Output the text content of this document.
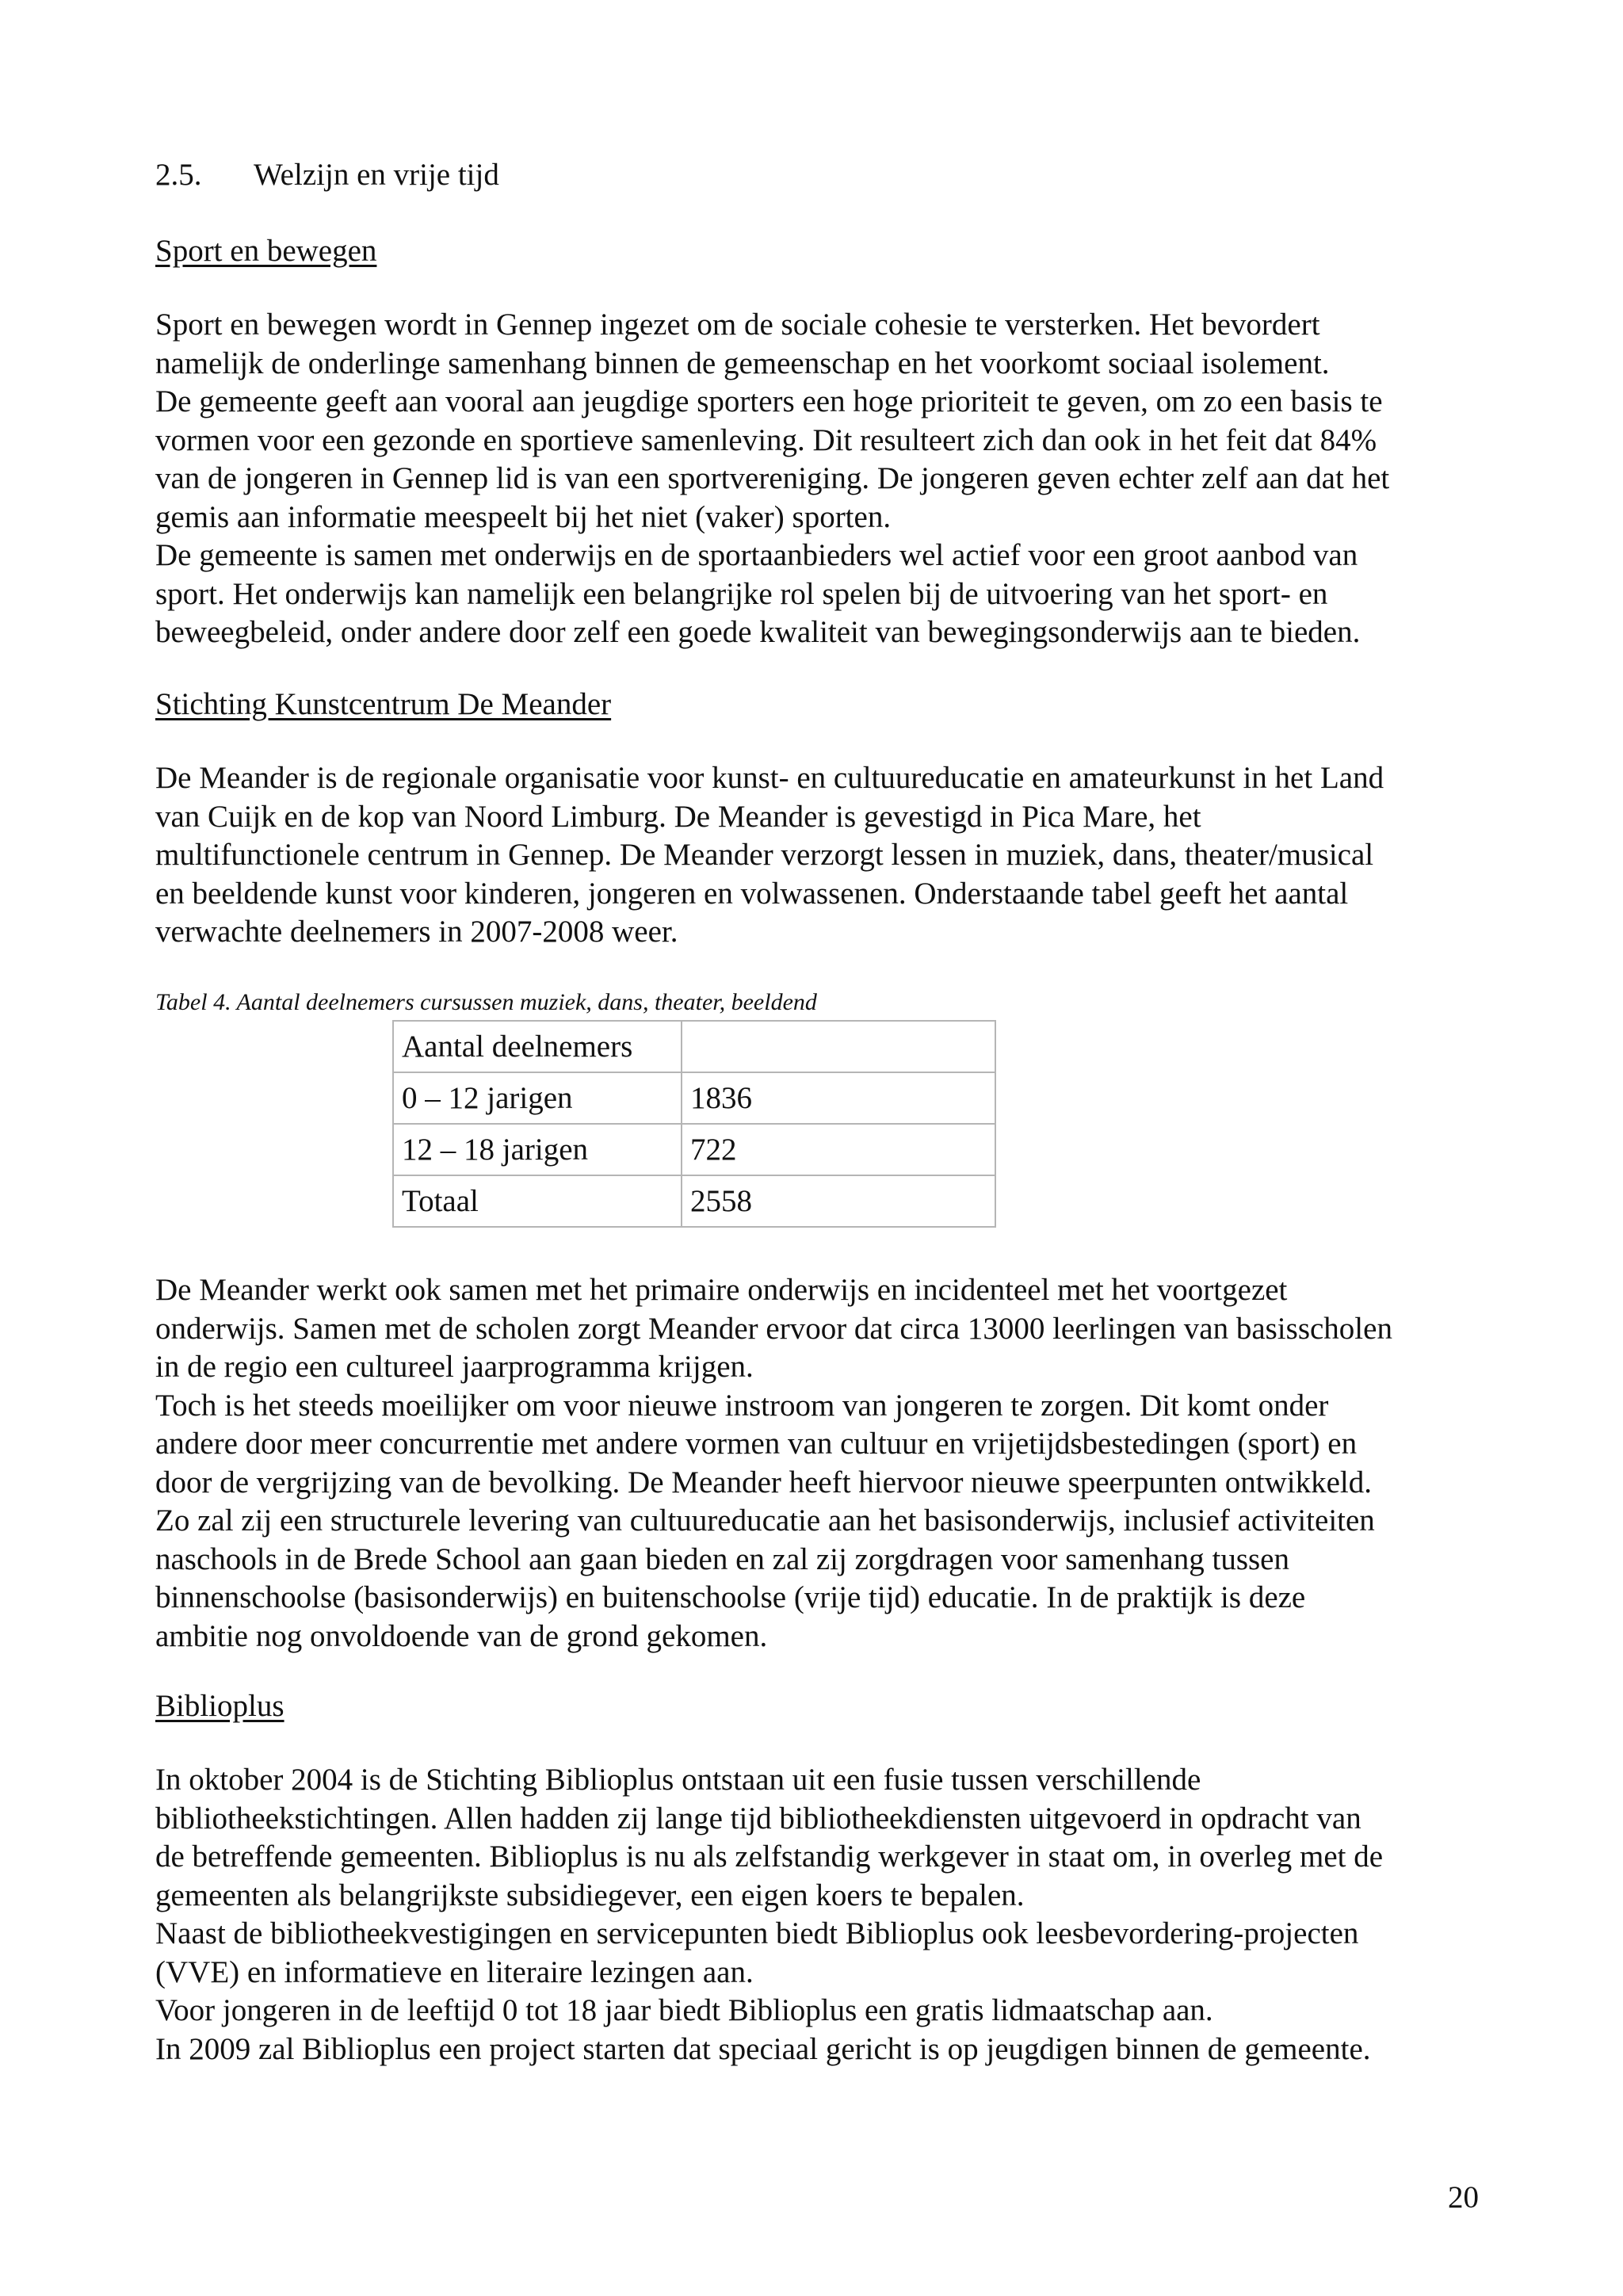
2.5. Welzijn en vrije tijd
Sport en bewegen
Sport en bewegen wordt in Gennep ingezet om de sociale cohesie te versterken. Het bevordert
namelijk de onderlinge samenhang binnen de gemeenschap en het voorkomt sociaal isolement.
De gemeente geeft aan vooral aan jeugdige sporters een hoge prioriteit te geven, om zo een basis te
vormen voor een gezonde en sportieve samenleving. Dit resulteert zich dan ook in het feit dat 84%
van de jongeren in Gennep lid is van een sportvereniging. De jongeren geven echter zelf aan dat het
gemis aan informatie meespeelt bij het niet (vaker) sporten.
De gemeente is samen met onderwijs en de sportaanbieders wel actief voor een groot aanbod van
sport. Het onderwijs kan namelijk een belangrijke rol spelen bij de uitvoering van het sport- en
beweegbeleid, onder andere door zelf een goede kwaliteit van bewegingsonderwijs aan te bieden.
Stichting Kunstcentrum De Meander
De Meander is de regionale organisatie voor kunst- en cultuureducatie en amateurkunst in het Land
van Cuijk en de kop van Noord Limburg. De Meander is gevestigd in Pica Mare, het
multifunctionele centrum in Gennep. De Meander verzorgt lessen in muziek, dans, theater/musical
en beeldende kunst voor kinderen, jongeren en volwassenen. Onderstaande tabel geeft het aantal
verwachte deelnemers in 2007-2008 weer.
Tabel 4. Aantal deelnemers cursussen muziek, dans, theater, beeldend
Aantal deelnemers	
0 – 12 jarigen	1836
12 – 18 jarigen	722
Totaal	2558
De Meander werkt ook samen met het primaire onderwijs en incidenteel met het voortgezet
onderwijs. Samen met de scholen zorgt Meander ervoor dat circa 13000 leerlingen van basisscholen
in de regio een cultureel jaarprogramma krijgen.
Toch is het steeds moeilijker om voor nieuwe instroom van jongeren te zorgen. Dit komt onder
andere door meer concurrentie met andere vormen van cultuur en vrijetijdsbestedingen (sport) en
door de vergrijzing van de bevolking. De Meander heeft hiervoor nieuwe speerpunten ontwikkeld.
Zo zal zij een structurele levering van cultuureducatie aan het basisonderwijs, inclusief activiteiten
naschools in de Brede School aan gaan bieden en zal zij zorgdragen voor samenhang tussen
binnenschoolse (basisonderwijs) en buitenschoolse (vrije tijd) educatie. In de praktijk is deze
ambitie nog onvoldoende van de grond gekomen.
Biblioplus
In oktober 2004 is de Stichting Biblioplus ontstaan uit een fusie tussen verschillende
bibliotheekstichtingen. Allen hadden zij lange tijd bibliotheekdiensten uitgevoerd in opdracht van
de betreffende gemeenten. Biblioplus is nu als zelfstandig werkgever in staat om, in overleg met de
gemeenten als belangrijkste subsidiegever, een eigen koers te bepalen.
Naast de bibliotheekvestigingen en servicepunten biedt Biblioplus ook leesbevordering-projecten
(VVE) en informatieve en literaire lezingen aan.
Voor jongeren in de leeftijd 0 tot 18 jaar biedt Biblioplus een gratis lidmaatschap aan.
In 2009 zal Biblioplus een project starten dat speciaal gericht is op jeugdigen binnen de gemeente.
20
